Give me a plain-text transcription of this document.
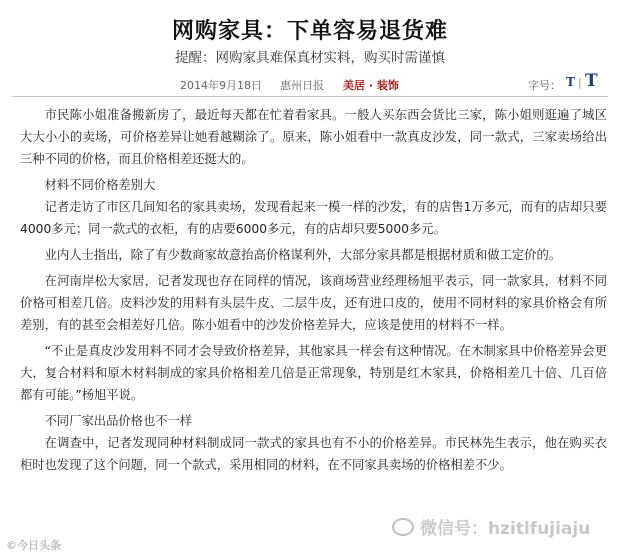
网购家具：下单容易退货难
提醒：网购家具难保真材实料，购买时需谨慎
2014年9月18日 惠州日报 美居 · 装饰	字号： T | T

市民陈小姐准备搬新房了，最近每天都在忙着看家具。一般人买东西会货比三家，陈小姐则逛遍了城区大大小小的卖场，可价格差异让她看越糊涂了。原来，陈小姐看中一款真皮沙发，同一款式，三家卖场给出三种不同的价格，而且价格相差还挺大的。

材料不同价格差别大

记者走访了市区几间知名的家具卖场，发现看起来一模一样的沙发，有的店售1万多元，而有的店却只要4000多元；同一款式的衣柜，有的店要6000多元，有的店却只要5000多元。

业内人士指出，除了有少数商家故意抬高价格谋利外，大部分家具都是根据材质和做工定价的。

在河南岸松大家居，记者发现也存在同样的情况，该商场营业经理杨旭平表示，同一款家具，材料不同价格可相差几倍。皮料沙发的用料有头层牛皮、二层牛皮，还有进口皮的，使用不同材料的家具价格会有所差别，有的甚至会相差好几倍。陈小姐看中的沙发价格差异大，应该是使用的材料不一样。

“不止是真皮沙发用料不同才会导致价格差异，其他家具一样会有这种情况。在木制家具中价格差异会更大，复合材料和原木材料制成的家具价格相差几倍是正常现象，特别是红木家具，价格相差几十倍、几百倍都有可能。”杨旭平说。

不同厂家出品价格也不一样

在调查中，记者发现同种材料制成同一款式的家具也有不小的价格差异。市民林先生表示，他在购买衣柜时也发现了这个问题，同一个款式，采用相同的材料，在不同家具卖场的价格相差不少。

©今日头条
微信号：hzitlfujiaju
